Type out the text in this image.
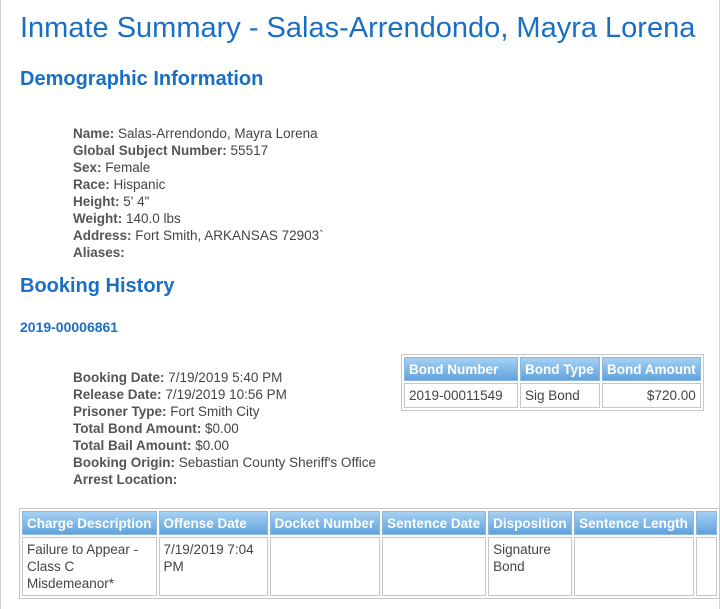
Inmate Summary - Salas-Arrendondo, Mayra Lorena
Demographic Information
Name: Salas-Arrendondo, Mayra Lorena
Global Subject Number: 55517
Sex: Female
Race: Hispanic
Height: 5' 4"
Weight: 140.0 lbs
Address: Fort Smith, ARKANSAS 72903`
Aliases:
Booking History
2019-00006861
Booking Date: 7/19/2019 5:40 PM
Release Date: 7/19/2019 10:56 PM
Prisoner Type: Fort Smith City
Total Bond Amount: $0.00
Total Bail Amount: $0.00
Booking Origin: Sebastian County Sheriff's Office
Arrest Location:
Bond Number	Bond Type	Bond Amount
2019-00011549	Sig Bond	$720.00
Charge Description	Offense Date	Docket Number	Sentence Date	Disposition	Sentence Length	
Failure to Appear - Class C Misdemeanor*	7/19/2019 7:04 PM			Signature Bond		
